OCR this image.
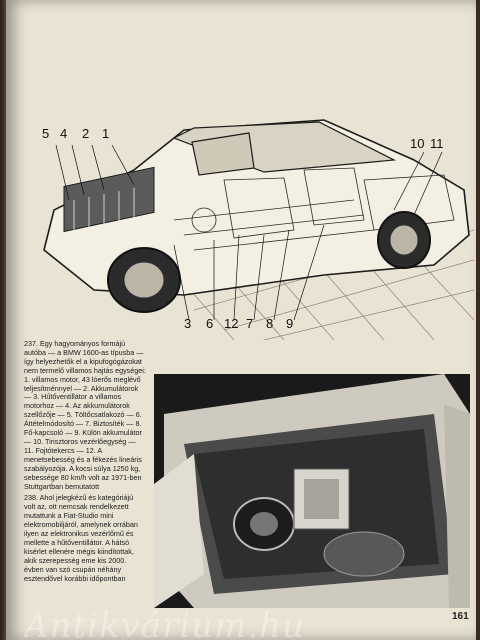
5 4 2 1
10 11
3 6 12 7 8 9

237. Egy hagyományos formájú autóba — a BMW 1600-as típusba — így helyezhetők el a kipufogógázokat nem termelő villamos hajtás egységei: 1. villamos motor, 43 lóerős meglévő teljesítménnyel — 2. Akkumulátorok — 3. Hűtőventillátor a villamos motorhoz — 4. Az akkumulátorok szellőzője — 5. Töltőcsatlakozó — 6. Áttételmódosító — 7. Biztosíték — 8. Fő-kapcsoló — 9. Külön akkumulátor — 10. Tirisztoros vezérlőegység — 11. Fojtótekercs — 12. A menetsebesség és a fékezés lineáris szabályozója. A kocsi súlya 1250 kg, sebessége 80 km/h volt az 1971-ben Stuttgartban bemutatott

238. Ahol jelegkézű és kategóriájú volt az, ott nemcsak rendelkezett mutattunk a Fiat-Studio mini elektromobiljáról, amelynek orrában ilyen az elektronikus vezérlőmű és mellette a hűtőventillátor. A hátsó kisérlet ellenére mégis kiindítottak, akik szerepesség eme kis 2000. évben van szó csupán néhány esztendővel korábbi időpontban

161
Antikvárium.hu
